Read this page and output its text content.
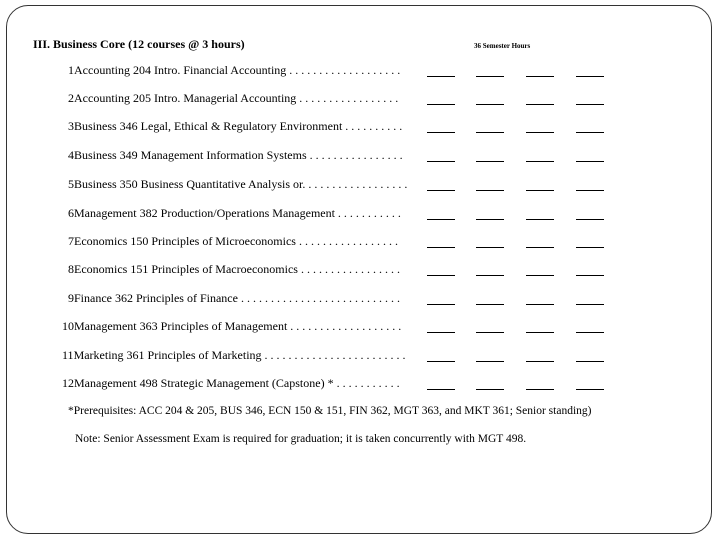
III. Business Core (12 courses @ 3 hours)	36 Semester Hours
1Accounting 204 Intro. Financial Accounting . . . . . . . . . . . . . . . . . . .
2Accounting 205 Intro. Managerial Accounting . . . . . . . . . . . . . . . . .
3Business 346 Legal, Ethical & Regulatory Environment . . . . . . . . . .
4Business 349 Management Information Systems . . . . . . . . . . . . . . . .
5Business 350 Business Quantitative Analysis or. . . . . . . . . . . . . . . . . .
6Management 382 Production/Operations Management . . . . . . . . . . .
7Economics 150 Principles of Microeconomics . . . . . . . . . . . . . . . . .
8Economics 151 Principles of Macroeconomics . . . . . . . . . . . . . . . . .
9Finance 362 Principles of Finance . . . . . . . . . . . . . . . . . . . . . . . . . . .
10Management 363 Principles of Management . . . . . . . . . . . . . . . . . . .
11Marketing 361 Principles of Marketing . . . . . . . . . . . . . . . . . . . . . . . .
12Management 498 Strategic Management (Capstone) * . . . . . . . . . . .
*Prerequisites: ACC 204 & 205, BUS 346, ECN 150 & 151, FIN 362, MGT 363, and MKT 361; Senior standing)
Note: Senior Assessment Exam is required for graduation; it is taken concurrently with MGT 498.
